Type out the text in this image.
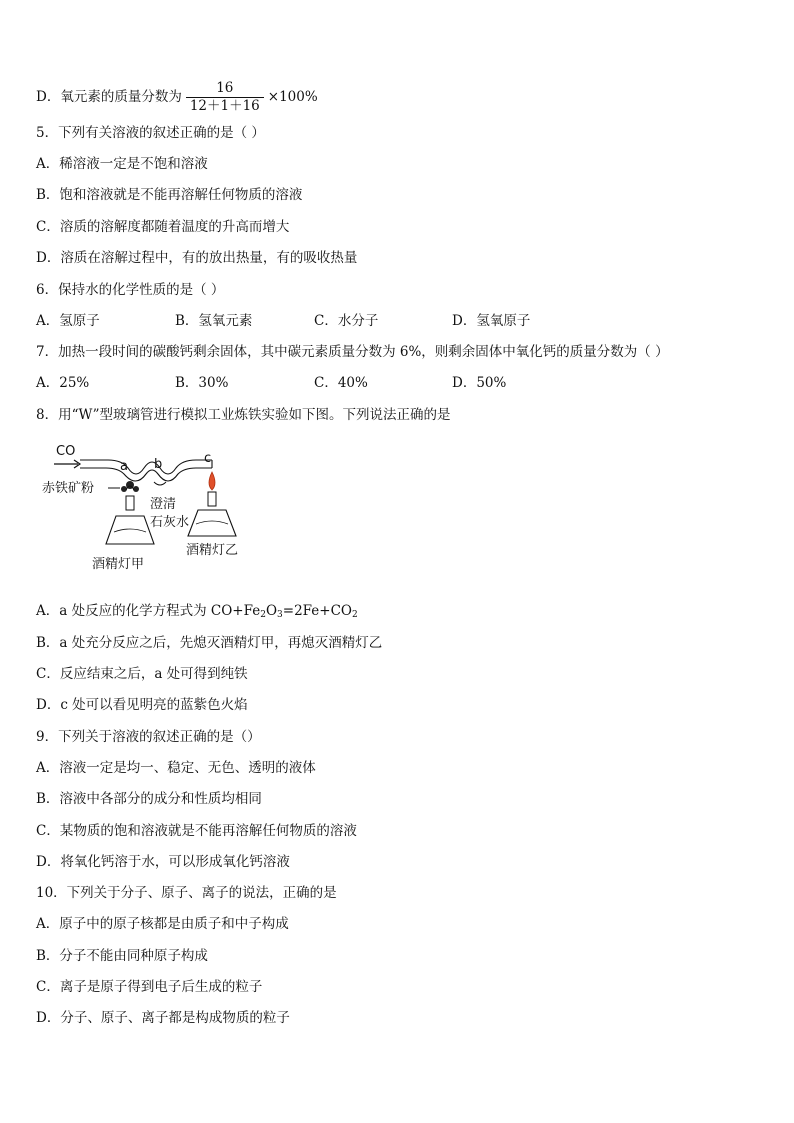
D．氧元素的质量分数为 $\frac{16}{12+1+16} \times 100\%$
5．下列有关溶液的叙述正确的是（ ）
A．稀溶液一定是不饱和溶液
B．饱和溶液就是不能再溶解任何物质的溶液
C．溶质的溶解度都随着温度的升高而增大
D．溶质在溶解过程中，有的放出热量，有的吸收热量
6．保持水的化学性质的是（ ）
A．氢原子	B．氢氧元素	C．水分子	D．氢氧原子
7．加热一段时间的碳酸钙剩余固体，其中碳元素质量分数为 6%，则剩余固体中氧化钙的质量分数为（ ）
A．25%	B．30%	C．40%	D．50%
8．用“W”型玻璃管进行模拟工业炼铁实验如下图。下列说法正确的是
CO
a b	c
赤铁矿粉
澄清
石灰水
酒精灯甲
酒精灯乙
A．a 处反应的化学方程式为 $CO+Fe_2O_3=2Fe+CO_2$
B．a 处充分反应之后，先熄灭酒精灯甲，再熄灭酒精灯乙
C．反应结束之后，a 处可得到纯铁
D．c 处可以看见明亮的蓝紫色火焰
9．下列关于溶液的叙述正确的是（）
A．溶液一定是均一、稳定、无色、透明的液体
B．溶液中各部分的成分和性质均相同
C．某物质的饱和溶液就是不能再溶解任何物质的溶液
D．将氧化钙溶于水，可以形成氧化钙溶液
10．下列关于分子、原子、离子的说法，正确的是
A．原子中的原子核都是由质子和中子构成
B．分子不能由同种原子构成
C．离子是原子得到电子后生成的粒子
D．分子、原子、离子都是构成物质的粒子
